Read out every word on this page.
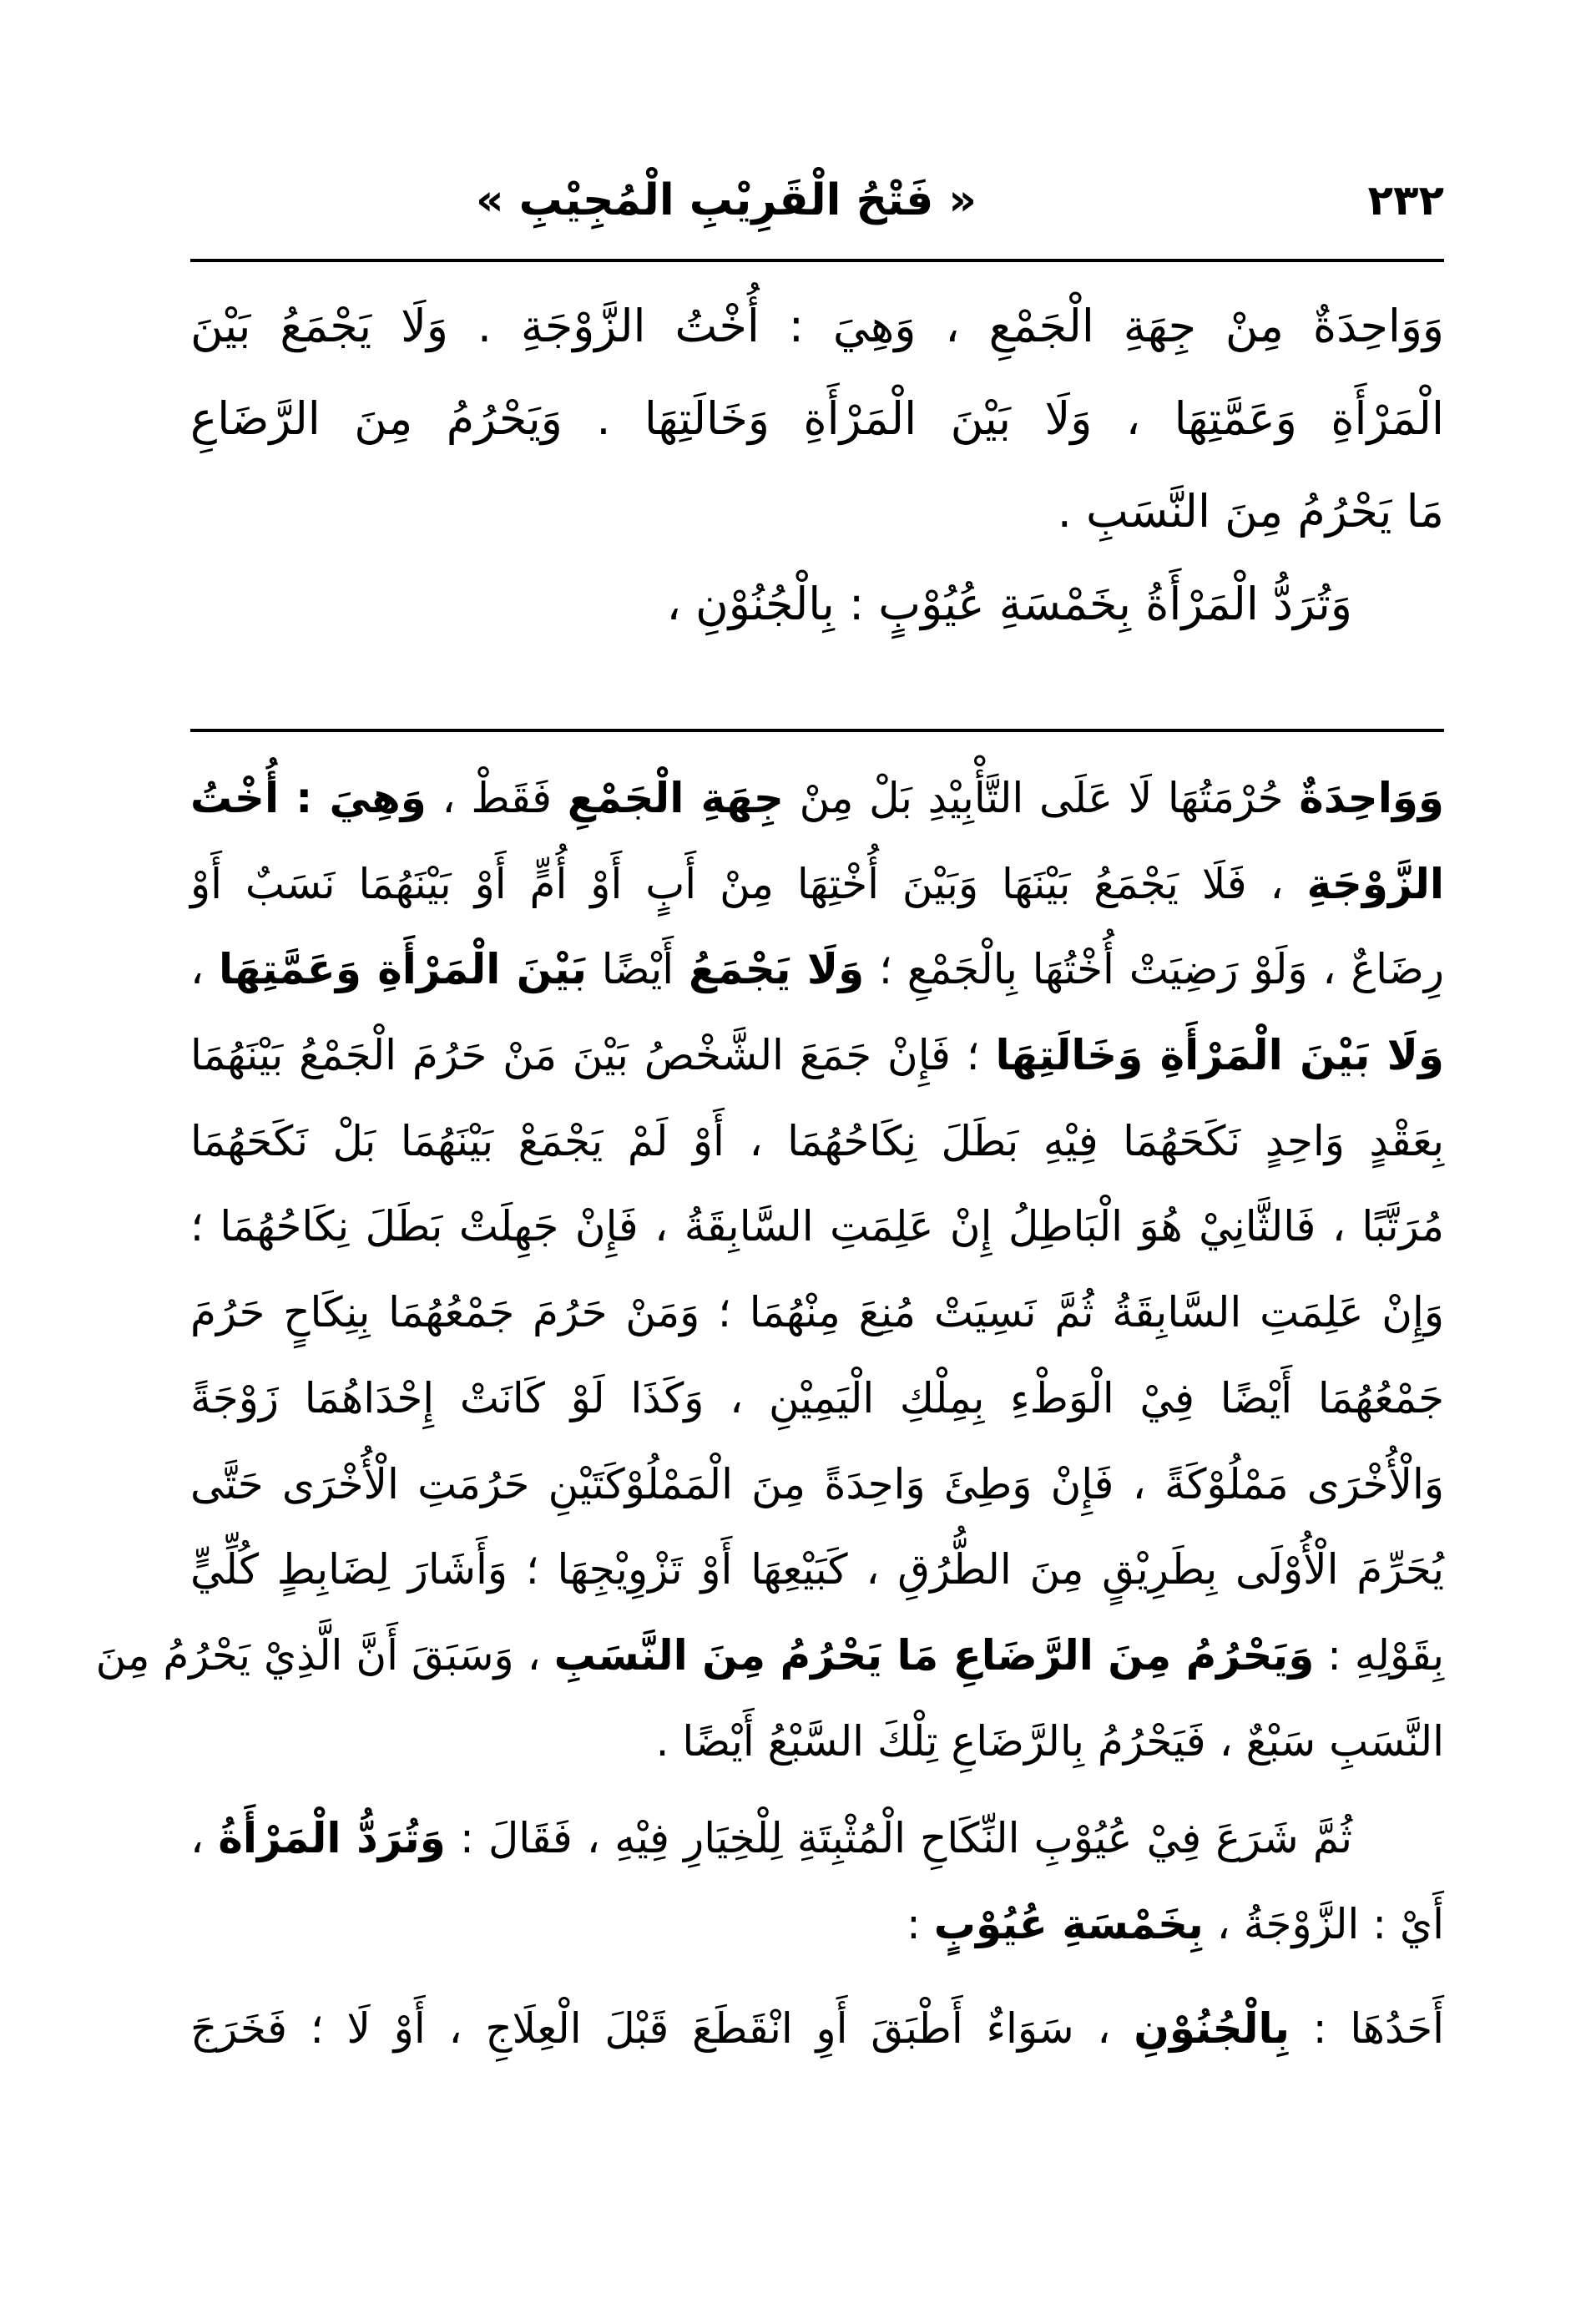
٢٣٢
« فَتْحُ الْقَرِيْبِ الْمُجِيْبِ »
وَوَاحِدَةٌ مِنْ جِهَةِ الْجَمْعِ ، وَهِيَ : أُخْتُ الزَّوْجَةِ . وَلَا يَجْمَعُ بَيْنَ
الْمَرْأَةِ وَعَمَّتِهَا ، وَلَا بَيْنَ الْمَرْأَةِ وَخَالَتِهَا . وَيَحْرُمُ مِنَ الرَّضَاعِ
مَا يَحْرُمُ مِنَ النَّسَبِ .
وَتُرَدُّ الْمَرْأَةُ بِخَمْسَةِ عُيُوْبٍ : بِالْجُنُوْنِ ،
وَوَاحِدَةٌ حُرْمَتُهَا لَا عَلَى التَّأْبِيْدِ بَلْ مِنْ جِهَةِ الْجَمْعِ فَقَطْ ، وَهِيَ : أُخْتُ
الزَّوْجَةِ ، فَلَا يَجْمَعُ بَيْنَهَا وَبَيْنَ أُخْتِهَا مِنْ أَبٍ أَوْ أُمٍّ أَوْ بَيْنَهُمَا نَسَبٌ أَوْ
رِضَاعٌ ، وَلَوْ رَضِيَتْ أُخْتُهَا بِالْجَمْعِ ؛ وَلَا يَجْمَعُ أَيْضًا بَيْنَ الْمَرْأَةِ وَعَمَّتِهَا ،
وَلَا بَيْنَ الْمَرْأَةِ وَخَالَتِهَا ؛ فَإِنْ جَمَعَ الشَّخْصُ بَيْنَ مَنْ حَرُمَ الْجَمْعُ بَيْنَهُمَا
بِعَقْدٍ وَاحِدٍ نَكَحَهُمَا فِيْهِ بَطَلَ نِكَاحُهُمَا ، أَوْ لَمْ يَجْمَعْ بَيْنَهُمَا بَلْ نَكَحَهُمَا
مُرَتَّبًا ، فَالثَّانِيْ هُوَ الْبَاطِلُ إِنْ عَلِمَتِ السَّابِقَةُ ، فَإِنْ جَهِلَتْ بَطَلَ نِكَاحُهُمَا ؛
وَإِنْ عَلِمَتِ السَّابِقَةُ ثُمَّ نَسِيَتْ مُنِعَ مِنْهُمَا ؛ وَمَنْ حَرُمَ جَمْعُهُمَا بِنِكَاحٍ حَرُمَ
جَمْعُهُمَا أَيْضًا فِيْ الْوَطْءِ بِمِلْكِ الْيَمِيْنِ ، وَكَذَا لَوْ كَانَتْ إِحْدَاهُمَا زَوْجَةً
وَالْأُخْرَى مَمْلُوْكَةً ، فَإِنْ وَطِئَ وَاحِدَةً مِنَ الْمَمْلُوْكَتَيْنِ حَرُمَتِ الْأُخْرَى حَتَّى
يُحَرِّمَ الْأُوْلَى بِطَرِيْقٍ مِنَ الطُّرُقِ ، كَبَيْعِهَا أَوْ تَزْوِيْجِهَا ؛ وَأَشَارَ لِضَابِطٍ كُلِّيٍّ
بِقَوْلِهِ : وَيَحْرُمُ مِنَ الرَّضَاعِ مَا يَحْرُمُ مِنَ النَّسَبِ ، وَسَبَقَ أَنَّ الَّذِيْ يَحْرُمُ مِنَ
النَّسَبِ سَبْعٌ ، فَيَحْرُمُ بِالرَّضَاعِ تِلْكَ السَّبْعُ أَيْضًا .
ثُمَّ شَرَعَ فِيْ عُيُوْبِ النِّكَاحِ الْمُثْبِتَةِ لِلْخِيَارِ فِيْهِ ، فَقَالَ : وَتُرَدُّ الْمَرْأَةُ ،
أَيْ : الزَّوْجَةُ ، بِخَمْسَةِ عُيُوْبٍ :
أَحَدُهَا : بِالْجُنُوْنِ ، سَوَاءٌ أَطْبَقَ أَوِ انْقَطَعَ قَبْلَ الْعِلَاجِ ، أَوْ لَا ؛ فَخَرَجَ
